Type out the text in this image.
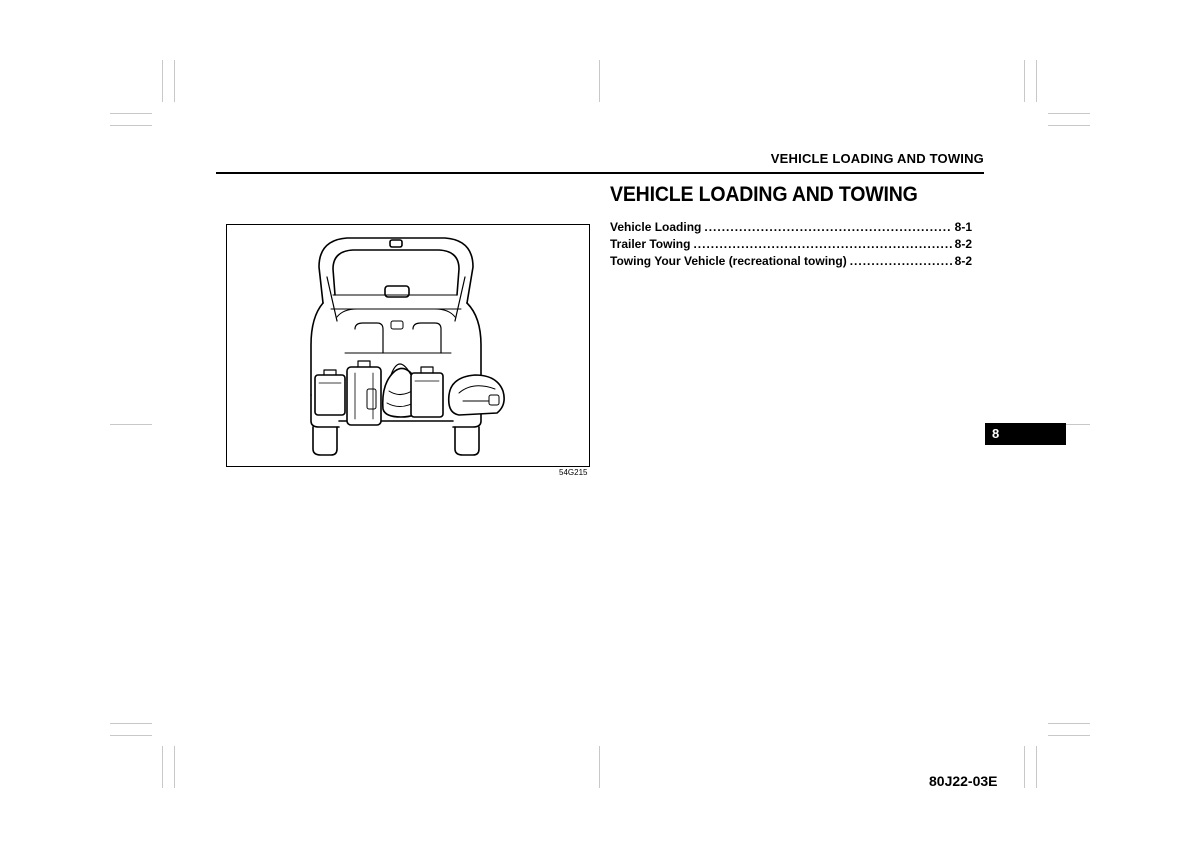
VEHICLE LOADING AND TOWING
VEHICLE LOADING AND TOWING
Vehicle Loading .....	8-1
Trailer Towing .....	8-2
Towing Your Vehicle (recreational towing) .....	8-2
54G215
8
80J22-03E
